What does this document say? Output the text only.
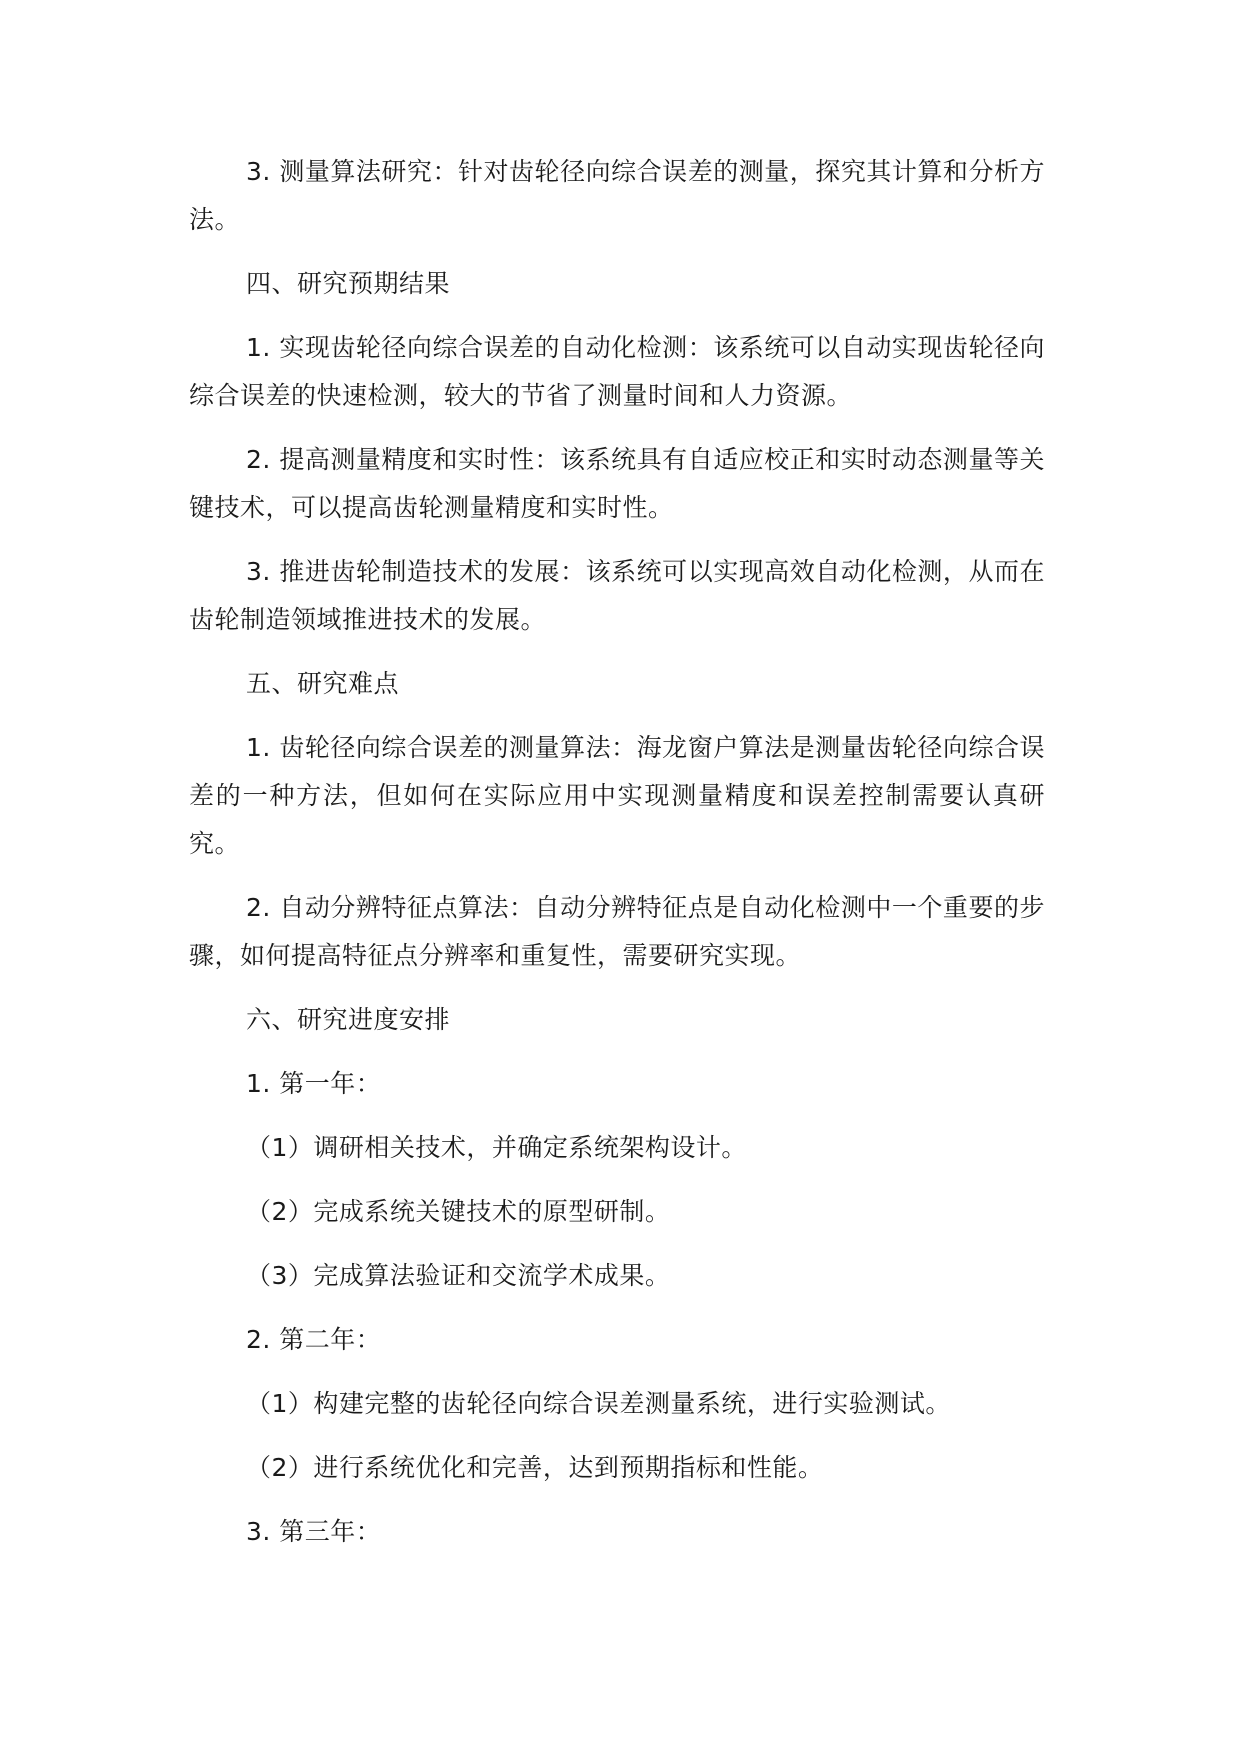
3. 测量算法研究：针对齿轮径向综合误差的测量，探究其计算和分析方法。

四、研究预期结果

1. 实现齿轮径向综合误差的自动化检测：该系统可以自动实现齿轮径向综合误差的快速检测，较大的节省了测量时间和人力资源。

2. 提高测量精度和实时性：该系统具有自适应校正和实时动态测量等关键技术，可以提高齿轮测量精度和实时性。

3. 推进齿轮制造技术的发展：该系统可以实现高效自动化检测，从而在齿轮制造领域推进技术的发展。

五、研究难点

1. 齿轮径向综合误差的测量算法：海龙窗户算法是测量齿轮径向综合误差的一种方法，但如何在实际应用中实现测量精度和误差控制需要认真研究。

2. 自动分辨特征点算法：自动分辨特征点是自动化检测中一个重要的步骤，如何提高特征点分辨率和重复性，需要研究实现。

六、研究进度安排

1. 第一年：

（1）调研相关技术，并确定系统架构设计。

（2）完成系统关键技术的原型研制。

（3）完成算法验证和交流学术成果。

2. 第二年：

（1）构建完整的齿轮径向综合误差测量系统，进行实验测试。

（2）进行系统优化和完善，达到预期指标和性能。

3. 第三年：
